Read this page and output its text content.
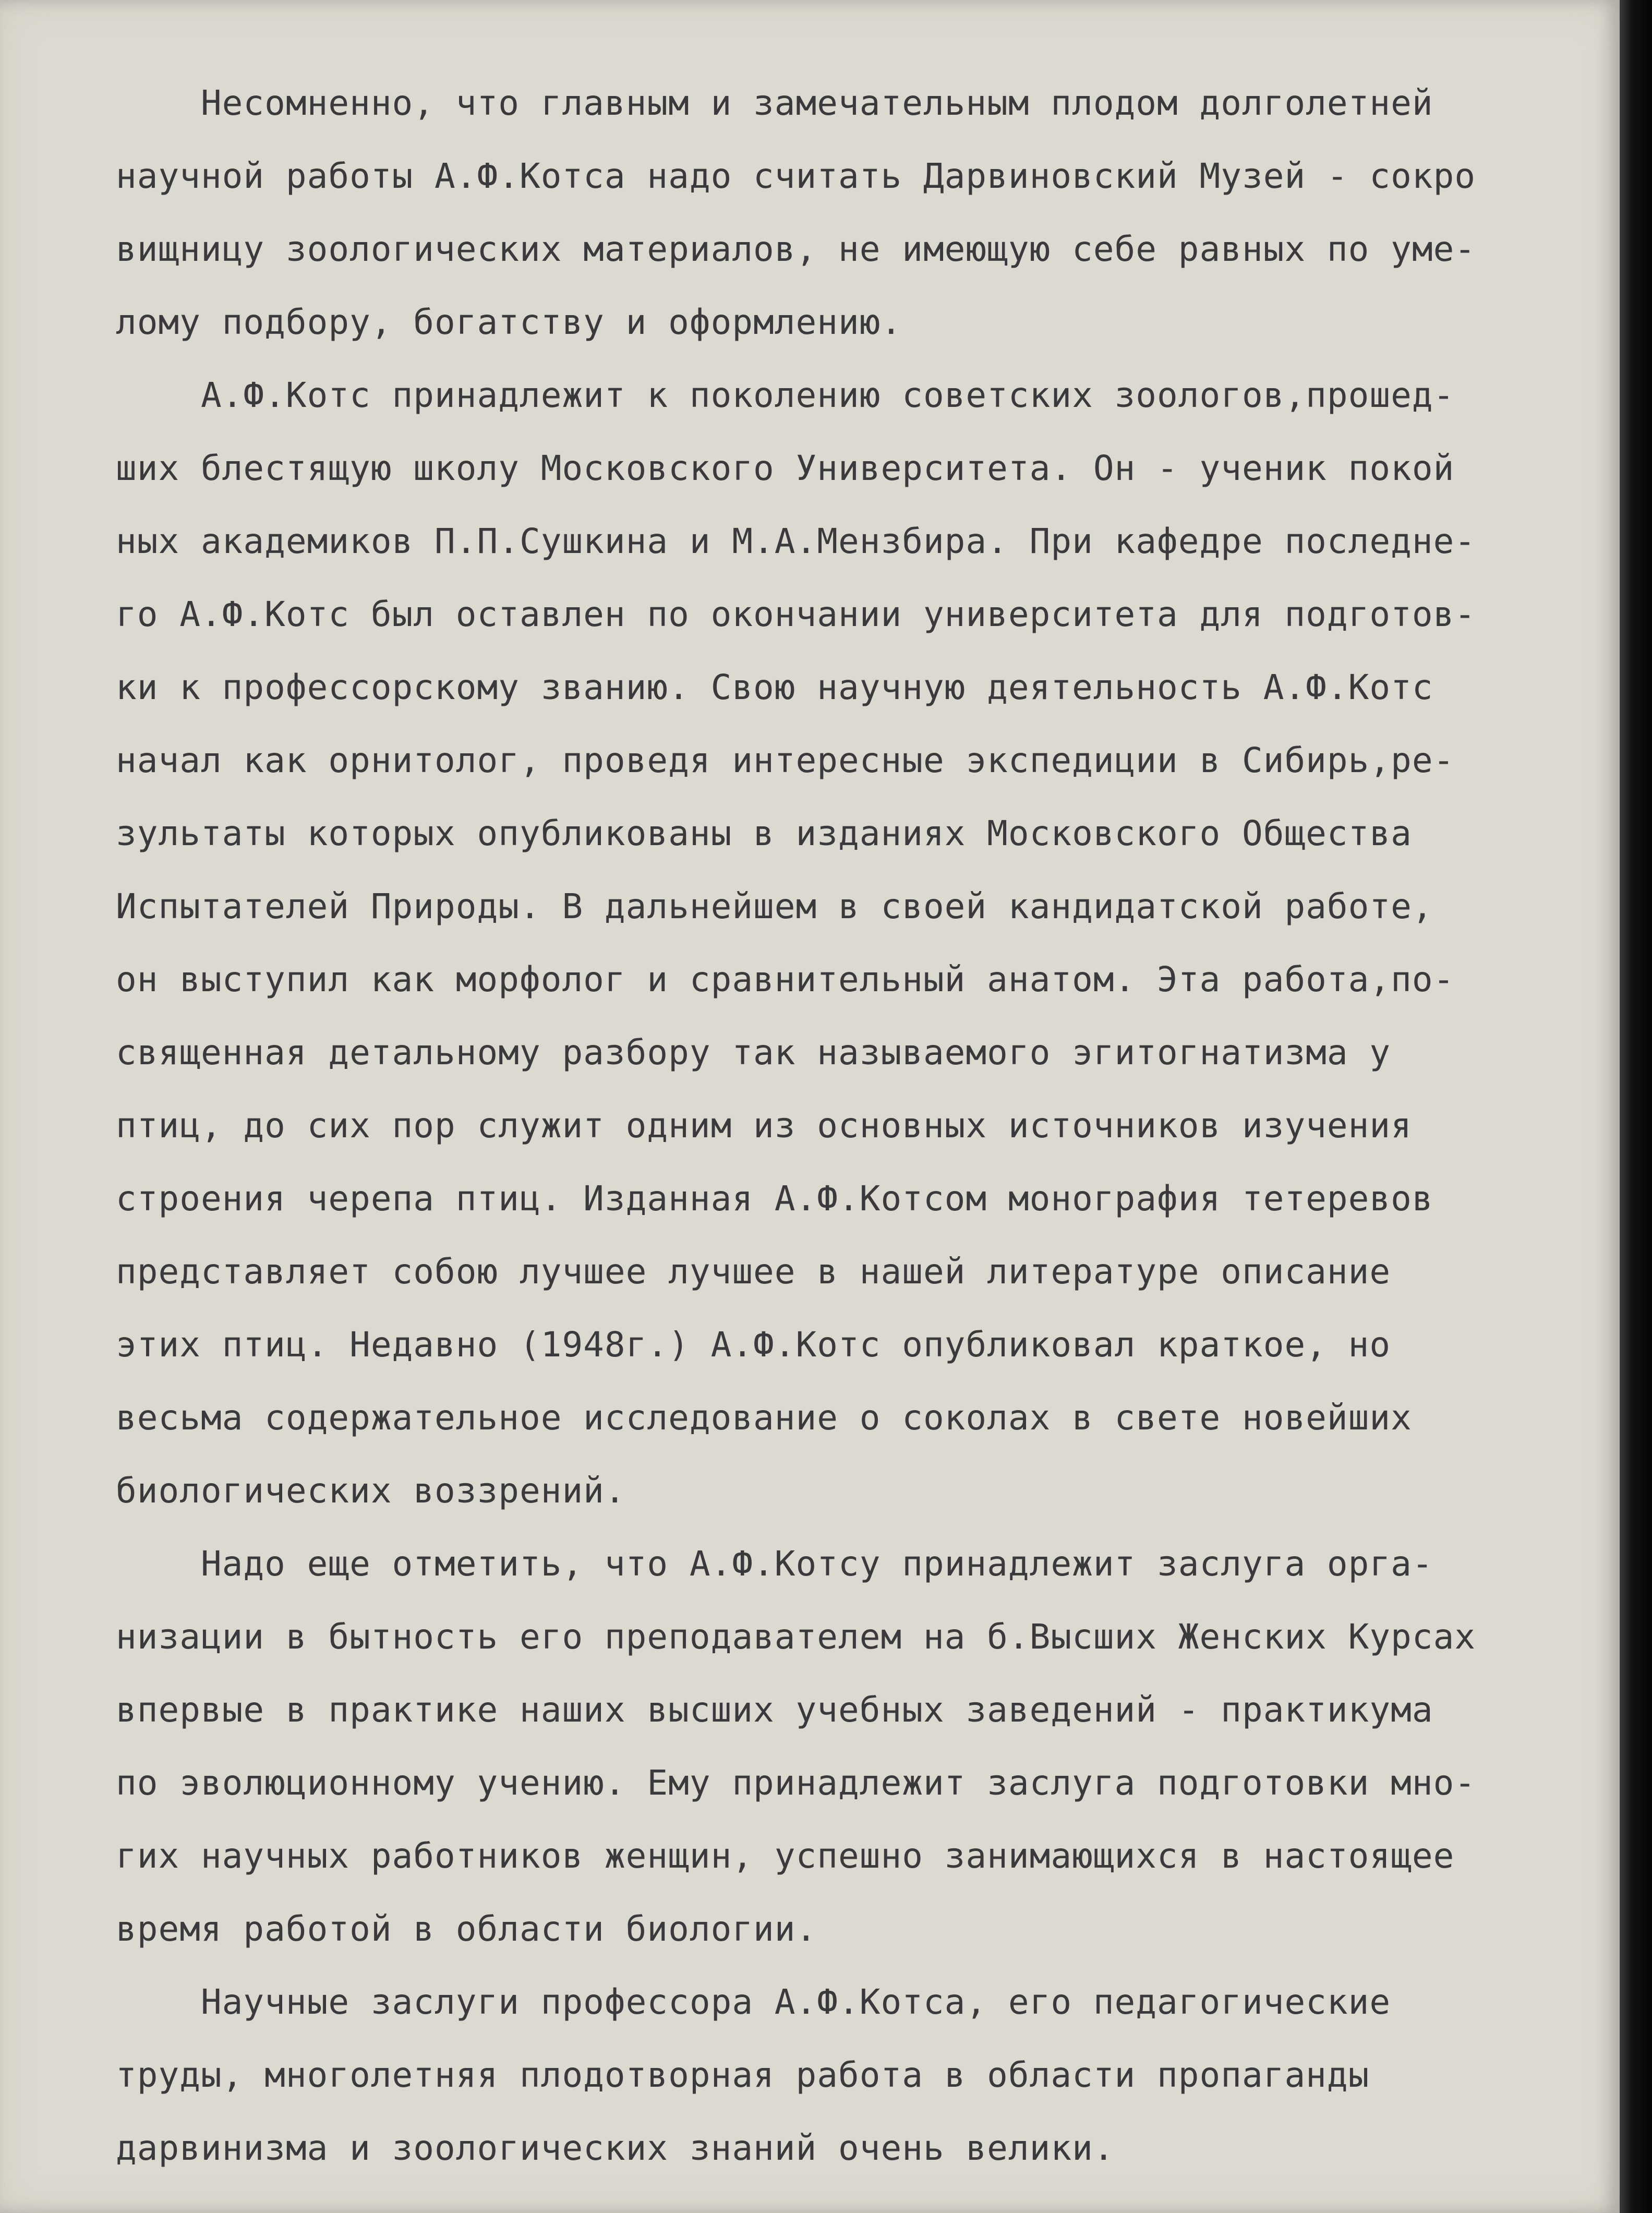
Несомненно, что главным и замечательным плодом долголетней
научной работы А.Ф.Котса надо считать Дарвиновский Музей - сокро
вищницу зоологических материалов, не имеющую себе равных по уме-
лому подбору, богатству и оформлению.
А.Ф.Котс принадлежит к поколению советских зоологов,прошед-
ших блестящую школу Московского Университета. Он - ученик покой
ных академиков П.П.Сушкина и М.А.Мензбира. При кафедре последне-
го А.Ф.Котс был оставлен по окончании университета для подготов-
ки к профессорскому званию. Свою научную деятельность А.Ф.Котс
начал как орнитолог, проведя интересные экспедиции в Сибирь,ре-
зультаты которых опубликованы в изданиях Московского Общества
Испытателей Природы. В дальнейшем в своей кандидатской работе,
он выступил как морфолог и сравнительный анатом. Эта работа,по-
священная детальному разбору так называемого эгитогнатизма у
птиц, до сих пор служит одним из основных источников изучения
строения черепа птиц. Изданная А.Ф.Котсом монография тетеревов
представляет собою лучшее лучшее в нашей литературе описание
этих птиц. Недавно (1948г.) А.Ф.Котс опубликовал краткое, но
весьма содержательное исследование о соколах в свете новейших
биологических воззрений.
Надо еще отметить, что А.Ф.Котсу принадлежит заслуга орга-
низации в бытность его преподавателем на б.Высших Женских Курсах
впервые в практике наших высших учебных заведений - практикума
по эволюционному учению. Ему принадлежит заслуга подготовки мно-
гих научных работников женщин, успешно занимающихся в настоящее
время работой в области биологии.
Научные заслуги профессора А.Ф.Котса, его педагогические
труды, многолетняя плодотворная работа в области пропаганды
дарвинизма и зоологических знаний очень велики.
